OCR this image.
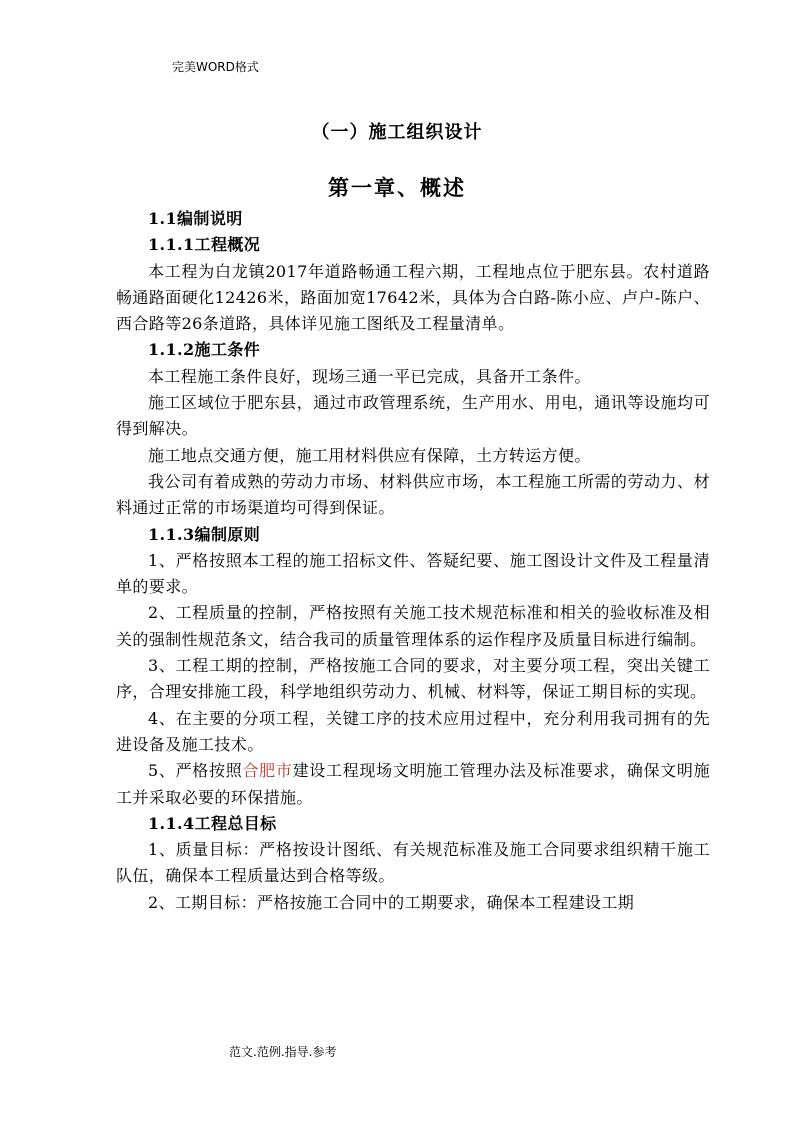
完美WORD格式
（一）施工组织设计
第一章、概述

1.1编制说明

1.1.1工程概况

本工程为白龙镇2017年道路畅通工程六期，工程地点位于肥东县。农村道路畅通路面硬化12426米，路面加宽17642米，具体为合白路-陈小应、卢户-陈户、西合路等26条道路，具体详见施工图纸及工程量清单。

1.1.2施工条件

本工程施工条件良好，现场三通一平已完成，具备开工条件。

施工区域位于肥东县，通过市政管理系统，生产用水、用电，通讯等设施均可得到解决。

施工地点交通方便，施工用材料供应有保障，土方转运方便。

我公司有着成熟的劳动力市场、材料供应市场，本工程施工所需的劳动力、材料通过正常的市场渠道均可得到保证。

1.1.3编制原则

1、严格按照本工程的施工招标文件、答疑纪要、施工图设计文件及工程量清单的要求。

2、工程质量的控制，严格按照有关施工技术规范标准和相关的验收标准及相关的强制性规范条文，结合我司的质量管理体系的运作程序及质量目标进行编制。

3、工程工期的控制，严格按施工合同的要求，对主要分项工程，突出关键工序，合理安排施工段，科学地组织劳动力、机械、材料等，保证工期目标的实现。

4、在主要的分项工程，关键工序的技术应用过程中，充分利用我司拥有的先进设备及施工技术。

5、严格按照合肥市建设工程现场文明施工管理办法及标准要求，确保文明施工并采取必要的环保措施。

1.1.4工程总目标

1、质量目标：严格按设计图纸、有关规范标准及施工合同要求组织精干施工队伍，确保本工程质量达到合格等级。

2、工期目标：严格按施工合同中的工期要求，确保本工程建设工期

范文.范例.指导.参考
